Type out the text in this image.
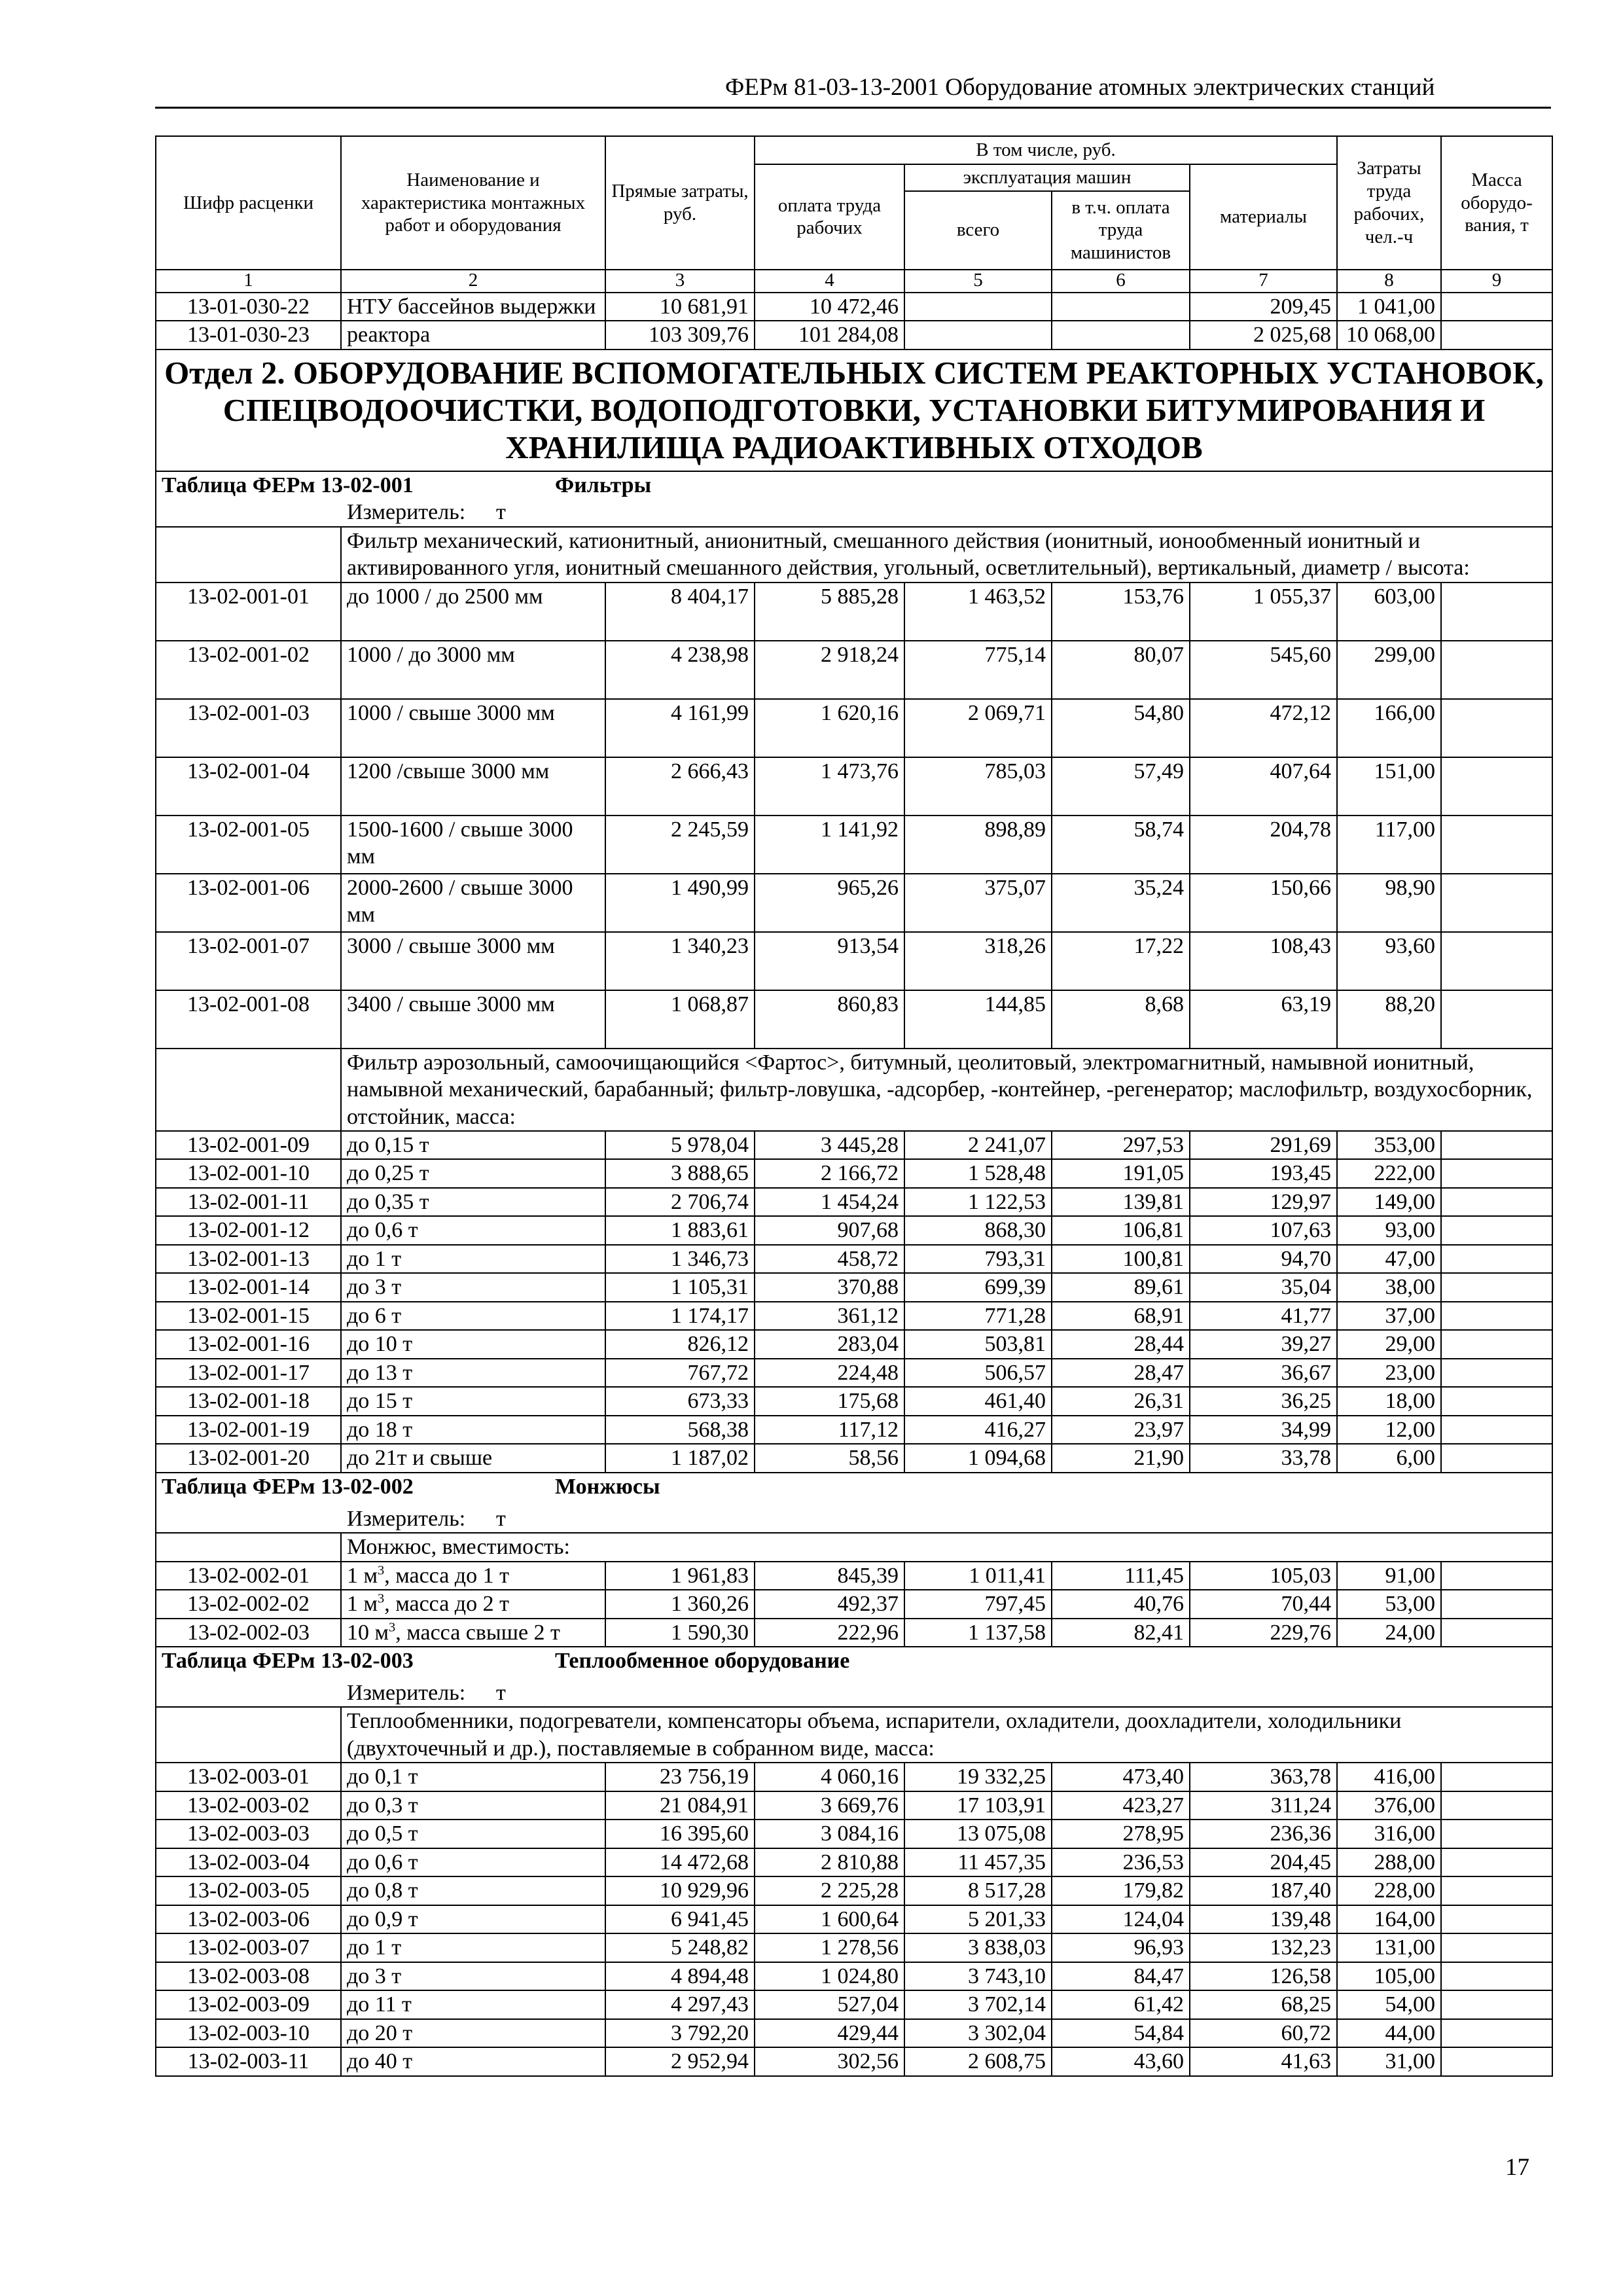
ФЕРм 81-03-13-2001 Оборудование атомных электрических станций
Шифр расценки	Наименование и характеристика монтажных работ и оборудования	Прямые затраты, руб.	В том числе, руб.				Затраты труда рабочих, чел.-ч	Масса оборудо-вания, т
			оплата труда рабочих	эксплуатация машин		материалы		
				всего	в т.ч. оплата труда машинистов			
1	2	3	4	5	6	7	8	9
13-01-030-22	НТУ бассейнов выдержки	10 681,91	10 472,46			209,45	1 041,00	
13-01-030-23	реактора	103 309,76	101 284,08			2 025,68	10 068,00	
Отдел 2. ОБОРУДОВАНИЕ ВСПОМОГАТЕЛЬНЫХ СИСТЕМ РЕАКТОРНЫХ УСТАНОВОК, СПЕЦВОДООЧИСТКИ, ВОДОПОДГОТОВКИ, УСТАНОВКИ БИТУМИРОВАНИЯ И ХРАНИЛИЩА РАДИОАКТИВНЫХ ОТХОДОВ								
Таблица ФЕРм 13-02-001 Фильтры								
Измеритель: т								
	Фильтр механический, катионитный, анионитный, смешанного действия (ионитный, ионообменный ионитный и активированного угля, ионитный смешанного действия, угольный, осветлительный), вертикальный, диаметр / высота:							
13-02-001-01	до 1000 / до 2500 мм	8 404,17	5 885,28	1 463,52	153,76	1 055,37	603,00	
13-02-001-02	1000 / до 3000 мм	4 238,98	2 918,24	775,14	80,07	545,60	299,00	
13-02-001-03	1000 / свыше 3000 мм	4 161,99	1 620,16	2 069,71	54,80	472,12	166,00	
13-02-001-04	1200 /свыше 3000 мм	2 666,43	1 473,76	785,03	57,49	407,64	151,00	
13-02-001-05	1500-1600 / свыше 3000 мм	2 245,59	1 141,92	898,89	58,74	204,78	117,00	
13-02-001-06	2000-2600 / свыше 3000 мм	1 490,99	965,26	375,07	35,24	150,66	98,90	
13-02-001-07	3000 / свыше 3000 мм	1 340,23	913,54	318,26	17,22	108,43	93,60	
13-02-001-08	3400 / свыше 3000 мм	1 068,87	860,83	144,85	8,68	63,19	88,20	
	Фильтр аэрозольный, самоочищающийся <Фартос>, битумный, цеолитовый, электромагнитный, намывной ионитный, намывной механический, барабанный; фильтр-ловушка, -адсорбер, -контейнер, -регенератор; маслофильтр, воздухосборник, отстойник, масса:							
13-02-001-09	до 0,15 т	5 978,04	3 445,28	2 241,07	297,53	291,69	353,00	
13-02-001-10	до 0,25 т	3 888,65	2 166,72	1 528,48	191,05	193,45	222,00	
13-02-001-11	до 0,35 т	2 706,74	1 454,24	1 122,53	139,81	129,97	149,00	
13-02-001-12	до 0,6 т	1 883,61	907,68	868,30	106,81	107,63	93,00	
13-02-001-13	до 1 т	1 346,73	458,72	793,31	100,81	94,70	47,00	
13-02-001-14	до 3 т	1 105,31	370,88	699,39	89,61	35,04	38,00	
13-02-001-15	до 6 т	1 174,17	361,12	771,28	68,91	41,77	37,00	
13-02-001-16	до 10 т	826,12	283,04	503,81	28,44	39,27	29,00	
13-02-001-17	до 13 т	767,72	224,48	506,57	28,47	36,67	23,00	
13-02-001-18	до 15 т	673,33	175,68	461,40	26,31	36,25	18,00	
13-02-001-19	до 18 т	568,38	117,12	416,27	23,97	34,99	12,00	
13-02-001-20	до 21т и свыше	1 187,02	58,56	1 094,68	21,90	33,78	6,00	
Таблица ФЕРм 13-02-002 Монжюсы								
Измеритель: т								
	Монжюс, вместимость:							
13-02-002-01	1 $м^3$, масса до 1 т	1 961,83	845,39	1 011,41	111,45	105,03	91,00	
13-02-002-02	1 $м^3$, масса до 2 т	1 360,26	492,37	797,45	40,76	70,44	53,00	
13-02-002-03	10 $м^3$, масса свыше 2 т	1 590,30	222,96	1 137,58	82,41	229,76	24,00	
Таблица ФЕРм 13-02-003 Теплообменное оборудование								
Измеритель: т								
	Теплообменники, подогреватели, компенсаторы объема, испарители, охладители, доохладители, холодильники (двухточечный и др.), поставляемые в собранном виде, масса:							
13-02-003-01	до 0,1 т	23 756,19	4 060,16	19 332,25	473,40	363,78	416,00	
13-02-003-02	до 0,3 т	21 084,91	3 669,76	17 103,91	423,27	311,24	376,00	
13-02-003-03	до 0,5 т	16 395,60	3 084,16	13 075,08	278,95	236,36	316,00	
13-02-003-04	до 0,6 т	14 472,68	2 810,88	11 457,35	236,53	204,45	288,00	
13-02-003-05	до 0,8 т	10 929,96	2 225,28	8 517,28	179,82	187,40	228,00	
13-02-003-06	до 0,9 т	6 941,45	1 600,64	5 201,33	124,04	139,48	164,00	
13-02-003-07	до 1 т	5 248,82	1 278,56	3 838,03	96,93	132,23	131,00	
13-02-003-08	до 3 т	4 894,48	1 024,80	3 743,10	84,47	126,58	105,00	
13-02-003-09	до 11 т	4 297,43	527,04	3 702,14	61,42	68,25	54,00	
13-02-003-10	до 20 т	3 792,20	429,44	3 302,04	54,84	60,72	44,00	
13-02-003-11	до 40 т	2 952,94	302,56	2 608,75	43,60	41,63	31,00	
17
